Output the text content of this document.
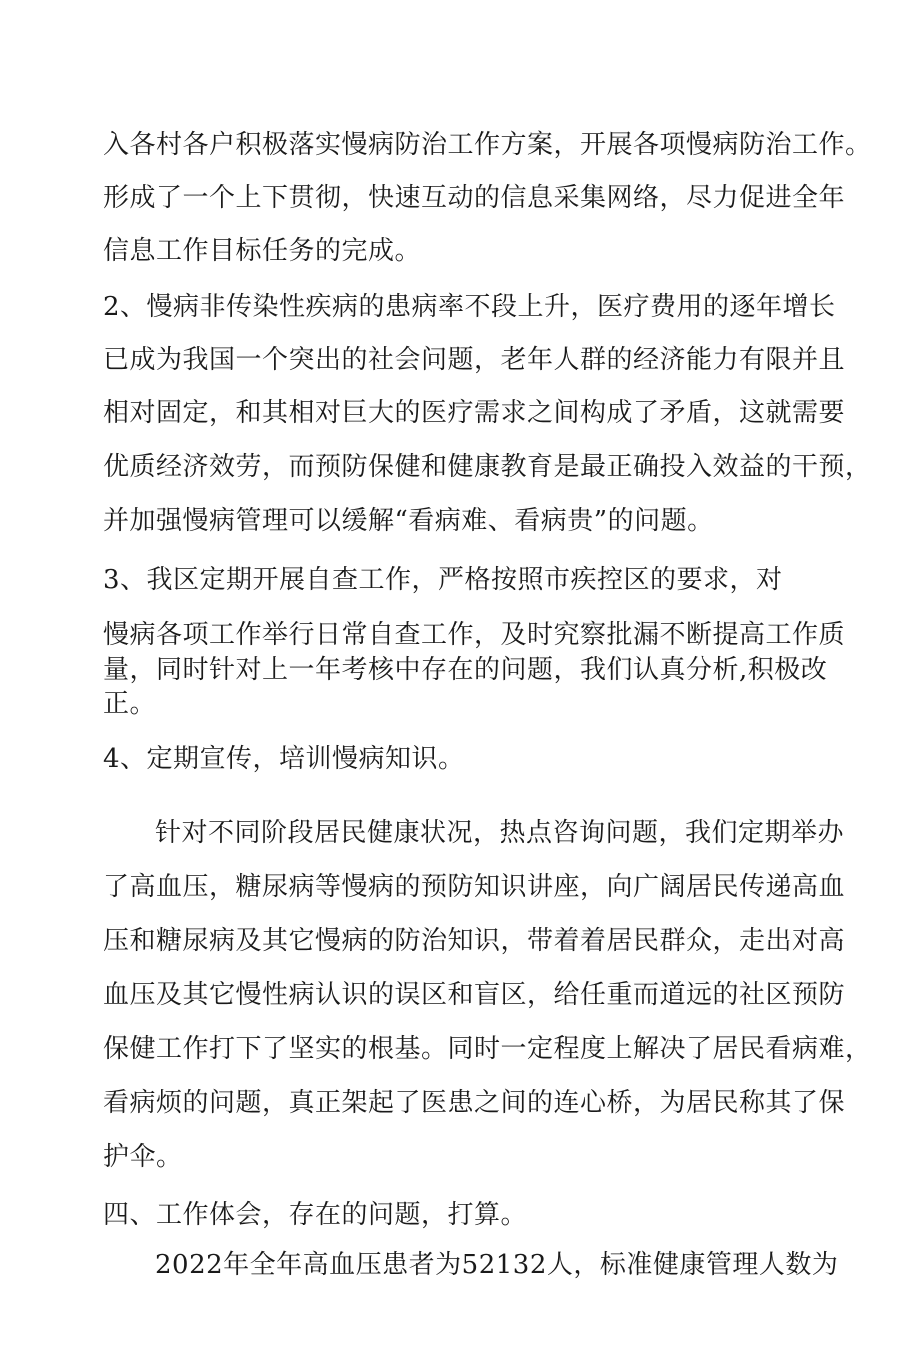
入各村各户积极落实慢病防治工作方案，开展各项慢病防治工作。
形成了一个上下贯彻，快速互动的信息采集网络，尽力促进全年
信息工作目标任务的完成。
2、慢病非传染性疾病的患病率不段上升，医疗费用的逐年增长
已成为我国一个突出的社会问题，老年人群的经济能力有限并且
相对固定，和其相对巨大的医疗需求之间构成了矛盾，这就需要
优质经济效劳，而预防保健和健康教育是最正确投入效益的干预，
并加强慢病管理可以缓解“看病难、看病贵”的问题。
3、我区定期开展自查工作，严格按照市疾控区的要求，对
慢病各项工作举行日常自查工作，及时究察批漏不断提高工作质
量，同时针对上一年考核中存在的问题，我们认真分析,积极改
正。
4、定期宣传，培训慢病知识。
针对不同阶段居民健康状况，热点咨询问题，我们定期举办
了高血压，糖尿病等慢病的预防知识讲座，向广阔居民传递高血
压和糖尿病及其它慢病的防治知识，带着着居民群众，走出对高
血压及其它慢性病认识的误区和盲区，给任重而道远的社区预防
保健工作打下了坚实的根基。同时一定程度上解决了居民看病难，
看病烦的问题，真正架起了医患之间的连心桥，为居民称其了保
护伞。
四、工作体会，存在的问题，打算。
2022年全年高血压患者为52132人，标准健康管理人数为
